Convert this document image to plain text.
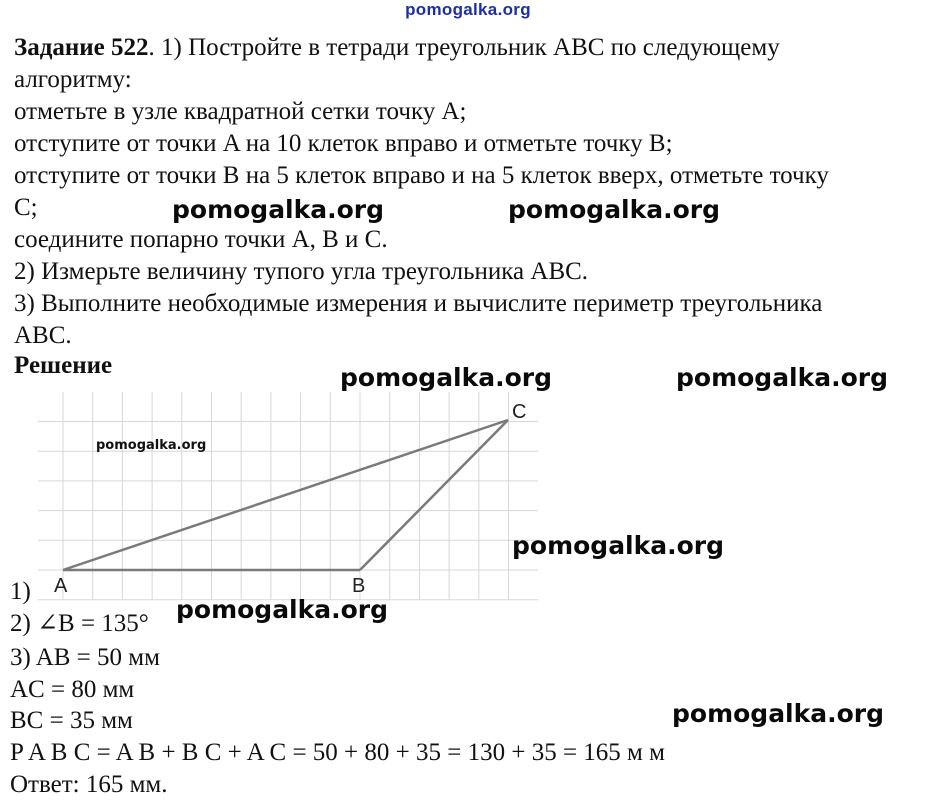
pomogalka.org
Задание 522. 1) Постройте в тетради треугольник ABC по следующему
алгоритму:
отметьте в узле квадратной сетки точку A;
отступите от точки A на 10 клеток вправо и отметьте точку B;
отступите от точки B на 5 клеток вправо и на 5 клеток вверх, отметьте точку
C;
соедините попарно точки A, B и C.
2) Измерьте величину тупого угла треугольника ABC.
3) Выполните необходимые измерения и вычислите периметр треугольника
ABC.
Решение
A	B
C
pomogalka.org
1)
2) ∠B = 135°
3) AB = 50 мм
AC = 80 мм
BC = 35 мм
P A B C = A B + B C + A C = 50 + 80 + 35 = 130 + 35 = 165 м м
Ответ: 165 мм.
pomogalka.org	pomogalka.org
pomogalka.org	pomogalka.org
pomogalka.org
pomogalka.org
pomogalka.org
